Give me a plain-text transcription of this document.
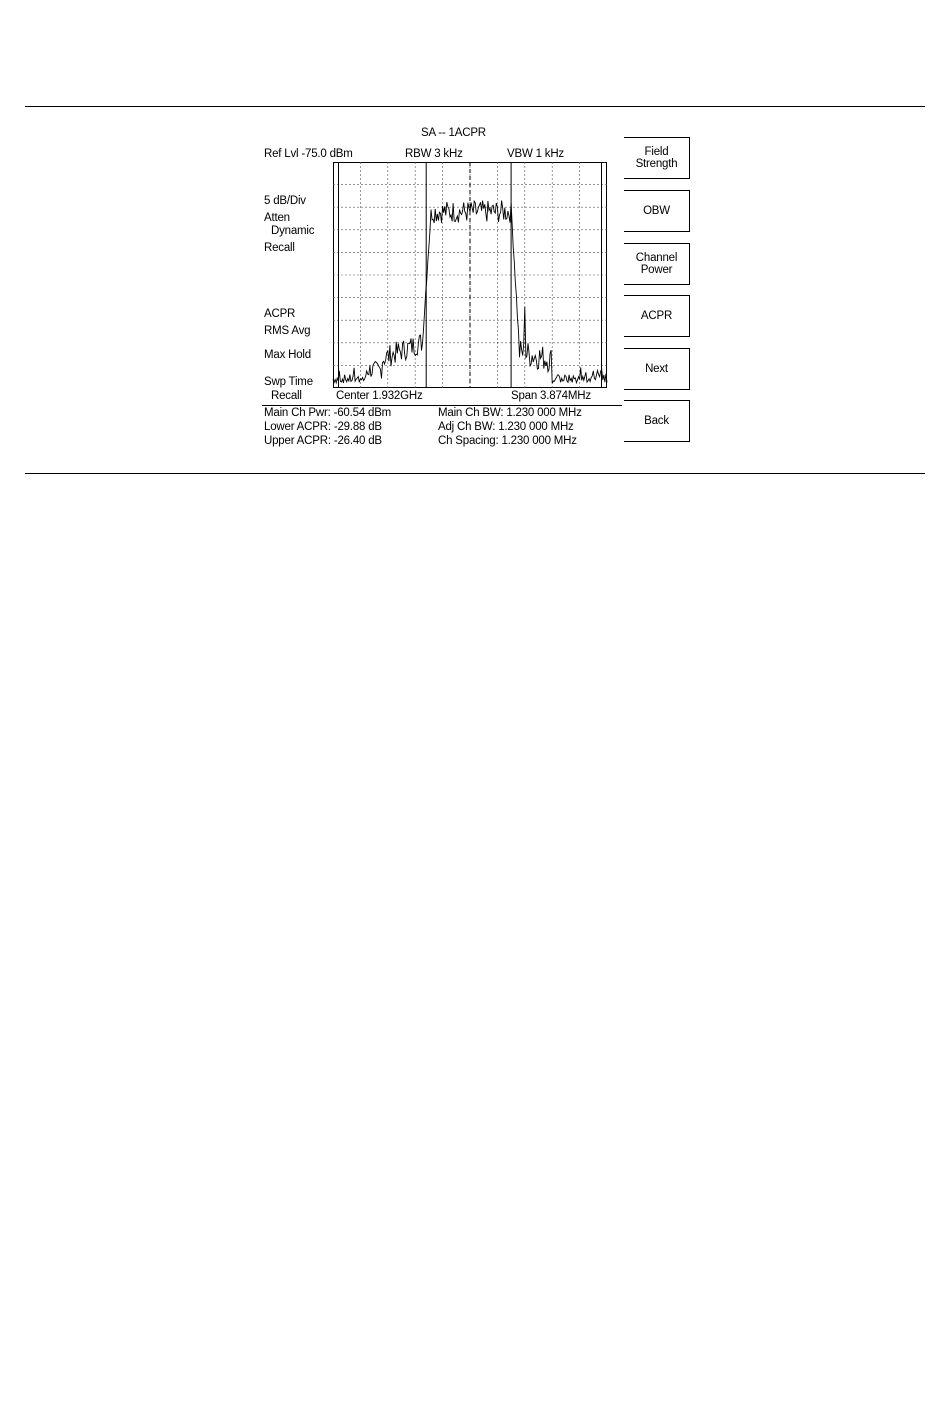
SA -- 1ACPR
Ref Lvl -75.0 dBm	RBW 3 kHz	VBW 1 kHz
5 dB/Div
Atten
Dynamic
Recall
ACPR
RMS Avg
Max Hold
Swp Time
Recall	Center 1.932GHz	Span 3.874MHz
Main Ch Pwr: -60.54 dBm
Lower ACPR: -29.88 dB
Upper ACPR: -26.40 dB
Main Ch BW: 1.230 000 MHz
Adj Ch BW: 1.230 000 MHz
Ch Spacing: 1.230 000 MHz
Field
Strength
OBW
Channel
Power
ACPR
Next
Back
